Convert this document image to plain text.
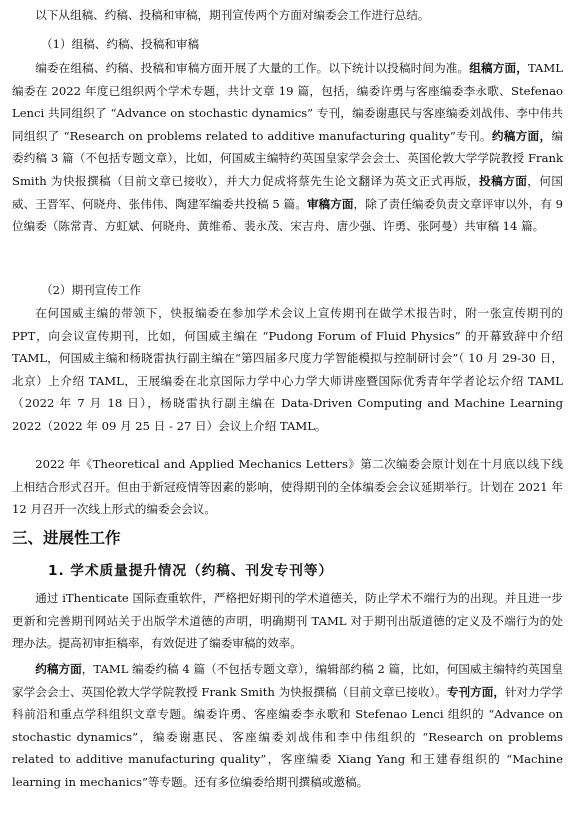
以下从组稿、约稿、投稿和审稿，期刊宣传两个方面对编委会工作进行总结。

（1）组稿、约稿、投稿和审稿

编委在组稿、约稿、投稿和审稿方面开展了大量的工作。以下统计以投稿时间为准。组稿方面，TAML 编委在 2022 年度已组织两个学术专题，共计文章 19 篇，包括，编委许勇与客座编委李永歌、Stefenao Lenci 共同组织了 “Advance on stochastic dynamics” 专刊，编委谢惠民与客座编委刘战伟、李中伟共同组织了 “Research on problems related to additive manufacturing quality”专刊。约稿方面，编委约稿 3 篇（不包括专题文章），比如，何国威主编特约英国皇家学会会士、英国伦敦大学学院教授 Frank Smith 为快报撰稿（目前文章已接收），并大力促成将蔡先生论文翻译为英文正式再版，投稿方面，何国威、王晋军、何晓舟、张伟伟、陶建军编委共投稿 5 篇。审稿方面，除了责任编委负责文章评审以外，有 9 位编委（陈常青、方虹斌、何晓舟、黄维希、裴永茂、宋吉舟、唐少强、许勇、张阿曼）共审稿 14 篇。

（2）期刊宣传工作

在何国威主编的带领下，快报编委在参加学术会议上宣传期刊在做学术报告时，附一张宣传期刊的 PPT，向会议宣传期刊，比如，何国威主编在 “Pudong Forum of Fluid Physics” 的开幕致辞中介绍 TAML，何国威主编和杨晓雷执行副主编在“第四届多尺度力学智能模拟与控制研讨会”（ 10 月 29-30 日，北京）上介绍 TAML，王展编委在北京国际力学中心力学大师讲座暨国际优秀青年学者论坛介绍 TAML（2022 年 7 月 18 日），杨晓雷执行副主编在 Data-Driven Computing and Machine Learning 2022（2022 年 09 月 25 日 - 27 日）会议上介绍 TAML。

2022 年《Theoretical and Applied Mechanics Letters》第二次编委会原计划在十月底以线下线上相结合形式召开。但由于新冠疫情等因素的影响，使得期刊的全体编委会会议延期举行。计划在 2021 年 12 月召开一次线上形式的编委会会议。

三、进展性工作
1. 学术质量提升情况（约稿、刊发专刊等）

通过 iThenticate 国际查重软件，严格把好期刊的学术道德关，防止学术不端行为的出现。并且进一步更新和完善期刊网站关于出版学术道德的声明，明确期刊 TAML 对于期刊出版道德的定义及不端行为的处理办法。提高初审拒稿率，有效促进了编委审稿的效率。

约稿方面，TAML 编委约稿 4 篇（不包括专题文章），编辑部约稿 2 篇，比如，何国威主编特约英国皇家学会会士、英国伦敦大学学院教授 Frank Smith 为快报撰稿（目前文章已接收）。专刊方面，针对力学学科前沿和重点学科组织文章专题。编委许勇、客座编委李永歌和 Stefenao Lenci 组织的 “Advance on stochastic dynamics”，编委谢惠民、客座编委刘战伟和李中伟组织的 “Research on problems related to additive manufacturing quality”，客座编委 Xiang Yang 和王建春组织的 “Machine learning in mechanics”等专题。还有多位编委给期刊撰稿或邀稿。
